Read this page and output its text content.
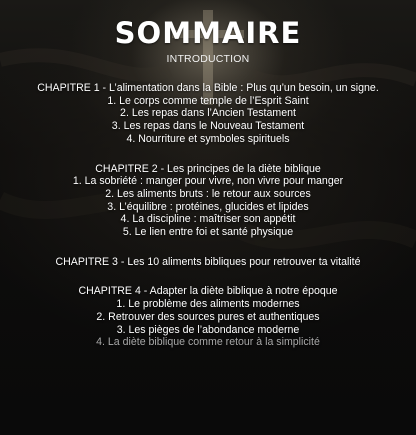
SOMMAIRE
INTRODUCTION
CHAPITRE 1 - L’alimentation dans la Bible : Plus qu’un besoin, un signe.
1. Le corps comme temple de l’Esprit Saint
2. Les repas dans l’Ancien Testament
3. Les repas dans le Nouveau Testament
4. Nourriture et symboles spirituels
CHAPITRE 2 - Les principes de la diète biblique
1. La sobriété : manger pour vivre, non vivre pour manger
2. Les aliments bruts : le retour aux sources
3. L’équilibre : protéines, glucides et lipides
4. La discipline : maîtriser son appétit
5. Le lien entre foi et santé physique
CHAPITRE 3 - Les 10 aliments bibliques pour retrouver ta vitalité
CHAPITRE 4 - Adapter la diète biblique à notre époque
1. Le problème des aliments modernes
2. Retrouver des sources pures et authentiques
3. Les pièges de l’abondance moderne
4. La diète biblique comme retour à la simplicité
